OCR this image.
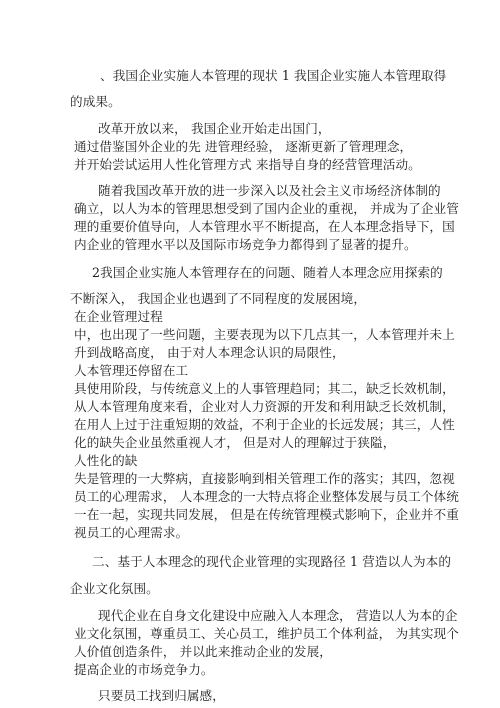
、我国企业实施人本管理的现状 1 我国企业实施人本管理取得

的成果。

改革开放以来， 我国企业开始走出国门，

通过借鉴国外企业的先 进管理经验， 逐渐更新了管理理念，

并开始尝试运用人性化管理方式 来指导自身的经营管理活动。

随着我国改革开放的进一步深入以及社会主义市场经济体制的

确立，以人为本的管理思想受到了国内企业的重视， 并成为了企业管

理的重要价值导向，人本管理水平不断提高，在人本理念指导下，国

内企业的管理水平以及国际市场竞争力都得到了显著的提升。

2我国企业实施人本管理存在的问题、随着人本理念应用探索的

不断深入， 我国企业也遇到了不同程度的发展困境，

在企业管理过程

中，也出现了一些问题，主要表现为以下几点其一，人本管理并未上

升到战略高度， 由于对人本理念认识的局限性，

人本管理还停留在工

具使用阶段，与传统意义上的人事管理趋同；其二，缺乏长效机制，

从人本管理角度来看，企业对人力资源的开发和利用缺乏长效机制，

在用人上过于注重短期的效益，不利于企业的长远发展；其三，人性

化的缺失企业虽然重视人才， 但是对人的理解过于狭隘，

人性化的缺

失是管理的一大弊病，直接影响到相关管理工作的落实；其四，忽视

员工的心理需求， 人本理念的一大特点将企业整体发展与员工个体统

一在一起，实现共同发展， 但是在传统管理模式影响下，企业并不重

视员工的心理需求。

二、基于人本理念的现代企业管理的实现路径 1 营造以人为本的

企业文化氛围。

现代企业在自身文化建设中应融入人本理念， 营造以人为本的企

业文化氛围，尊重员工、关心员工，维护员工个体利益， 为其实现个

人价值创造条件， 并以此来推动企业的发展，

提高企业的市场竞争力。

只要员工找到归属感，
